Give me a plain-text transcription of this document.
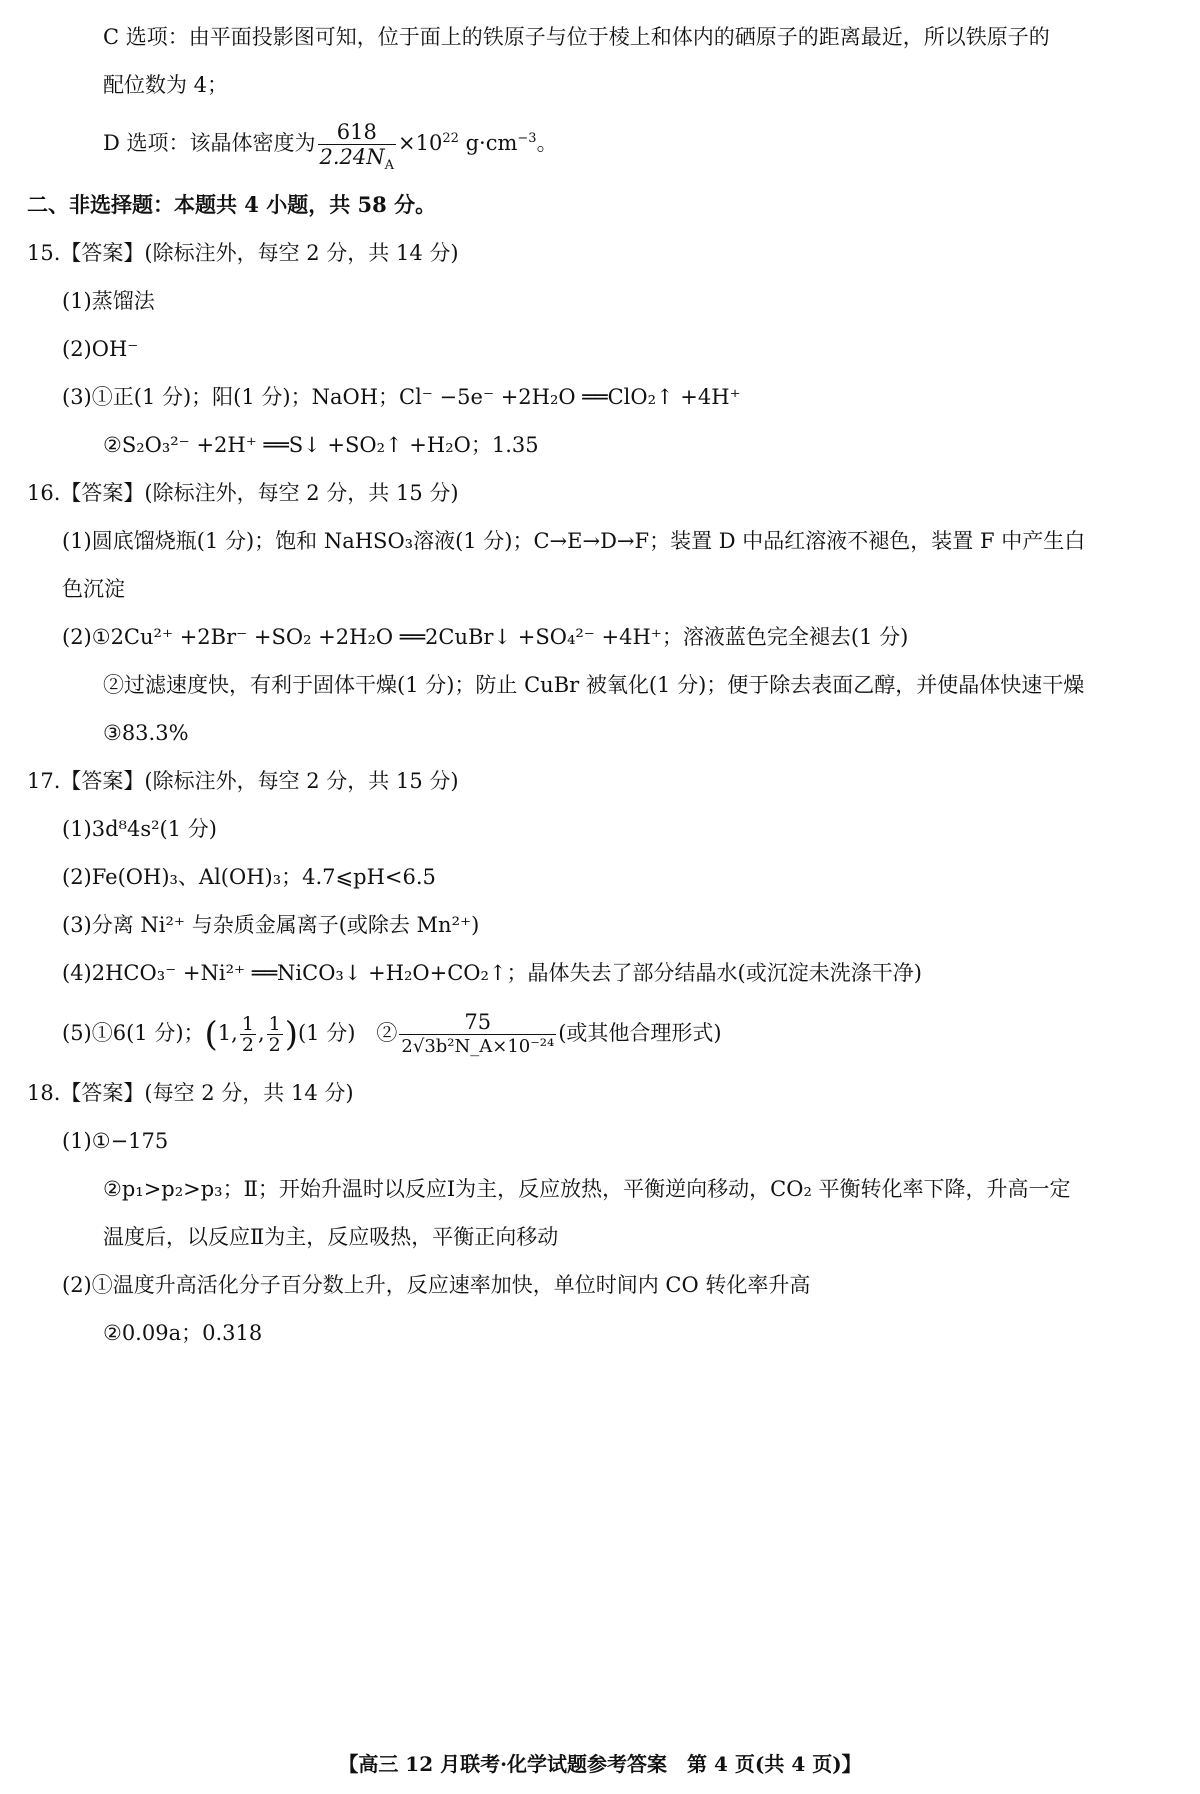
C 选项：由平面投影图可知，位于面上的铁原子与位于棱上和体内的硒原子的距离最近，所以铁原子的
配位数为 4；
D 选项：该晶体密度为 $\frac{618}{2.24N_A} \times 10^{22}$ $g\cdot cm^{-3}$。
二、非选择题：本题共 4 小题，共 58 分。
15.【答案】(除标注外，每空 2 分，共 14 分)
(1)蒸馏法
(2)OH⁻
(3)①正(1 分)；阳(1 分)；NaOH；Cl⁻ −5e⁻ +2H₂O ══ClO₂↑ +4H⁺
②S₂O₃²⁻ +2H⁺ ══S↓ +SO₂↑ +H₂O；1.35
16.【答案】(除标注外，每空 2 分，共 15 分)
(1)圆底馏烧瓶(1 分)；饱和 NaHSO₃溶液(1 分)；C→E→D→F；装置 D 中品红溶液不褪色，装置 F 中产生白
色沉淀
(2)①2Cu²⁺ +2Br⁻ +SO₂ +2H₂O ══2CuBr↓ +SO₄²⁻ +4H⁺；溶液蓝色完全褪去(1 分)
②过滤速度快，有利于固体干燥(1 分)；防止 CuBr 被氧化(1 分)；便于除去表面乙醇，并使晶体快速干燥
③83.3%
17.【答案】(除标注外，每空 2 分，共 15 分)
(1)3d⁸4s²(1 分)
(2)Fe(OH)₃、Al(OH)₃；4.7⩽pH<6.5
(3)分离 Ni²⁺ 与杂质金属离子(或除去 Mn²⁺)
(4)2HCO₃⁻ +Ni²⁺ ══NiCO₃↓ +H₂O+CO₂↑；晶体失去了部分结晶水(或沉淀未洗涤干净)
(5)①6(1 分)；(1, $\frac{1}{2}$ , $\frac{1}{2} )(1$ 分)　② $\frac{75}{\text{2√3b²N\_A×10⁻²⁴}}$ (或其他合理形式)
18.【答案】(每空 2 分，共 14 分)
(1)①−175
②p₁>p₂>p₃；Ⅱ；开始升温时以反应Ⅰ为主，反应放热，平衡逆向移动，CO₂ 平衡转化率下降，升高一定
温度后，以反应Ⅱ为主，反应吸热，平衡正向移动
(2)①温度升高活化分子百分数上升，反应速率加快，单位时间内 CO 转化率升高
②0.09a；0.318
【高三 12 月联考·化学试题参考答案　第 4 页(共 4 页)】
